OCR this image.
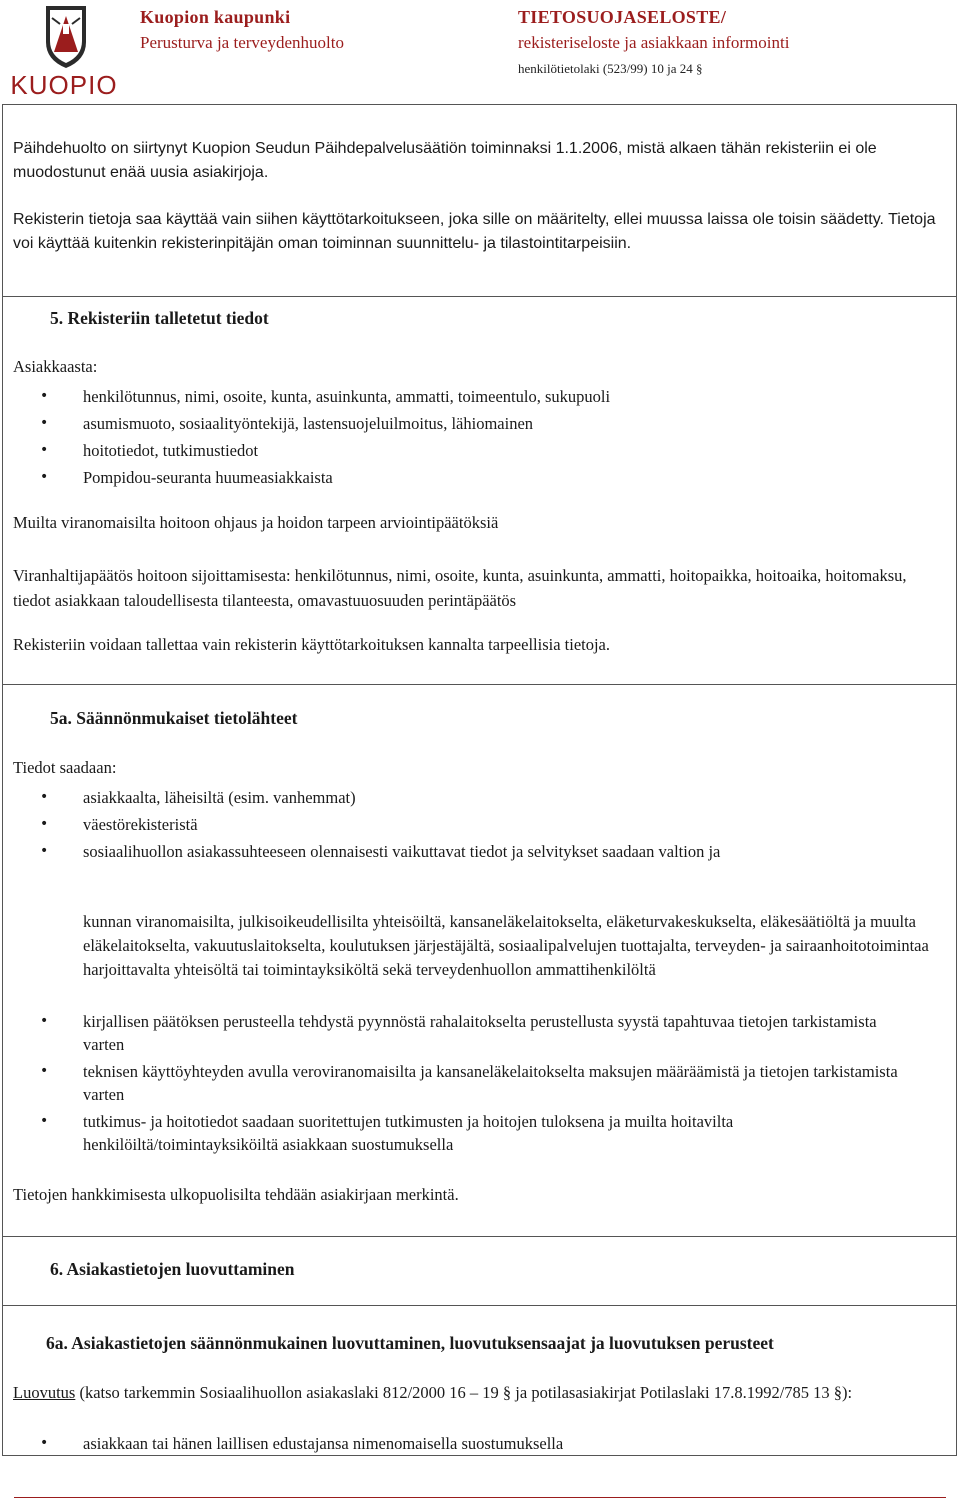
KUOPIO
Kuopion kaupunki
Perusturva ja terveydenhuolto
TIETOSUOJASELOSTE/
rekisteriseloste ja asiakkaan informointi
henkilötietolaki (523/99) 10 ja 24 §
Päihdehuolto on siirtynyt Kuopion Seudun Päihdepalvelusäätiön toiminnaksi 1.1.2006, mistä alkaen tähän rekisteriin ei ole muodostunut enää uusia asiakirjoja.
Rekisterin tietoja saa käyttää vain siihen käyttötarkoitukseen, joka sille on määritelty, ellei muussa laissa ole toisin säädetty. Tietoja voi käyttää kuitenkin rekisterinpitäjän oman toiminnan suunnittelu- ja tilastointitarpeisiin.
5. Rekisteriin talletetut tiedot
Asiakkaasta:
• henkilötunnus, nimi, osoite, kunta, asuinkunta, ammatti, toimeentulo, sukupuoli
• asumismuoto, sosiaalityöntekijä, lastensuojeluilmoitus, lähiomainen
• hoitotiedot, tutkimustiedot
• Pompidou-seuranta huumeasiakkaista
Muilta viranomaisilta hoitoon ohjaus ja hoidon tarpeen arviointipäätöksiä
Viranhaltijapäätös hoitoon sijoittamisesta: henkilötunnus, nimi, osoite, kunta, asuinkunta, ammatti, hoitopaikka, hoitoaika, hoitomaksu, tiedot asiakkaan taloudellisesta tilanteesta, omavastuuosuuden perintäpäätös
Rekisteriin voidaan tallettaa vain rekisterin käyttötarkoituksen kannalta tarpeellisia tietoja.
5a. Säännönmukaiset tietolähteet
Tiedot saadaan:
• asiakkaalta, läheisiltä (esim. vanhemmat)
• väestörekisteristä
• sosiaalihuollon asiakassuhteeseen olennaisesti vaikuttavat tiedot ja selvitykset saadaan valtion ja
kunnan viranomaisilta, julkisoikeudellisilta yhteisöiltä, kansaneläkelaitokselta, eläketurvakeskukselta, eläkesäätiöltä ja muulta eläkelaitokselta, vakuutuslaitokselta, koulutuksen järjestäjältä, sosiaalipalvelujen tuottajalta, terveyden- ja sairaanhoitotoimintaa harjoittavalta yhteisöltä tai toimintayksiköltä sekä terveydenhuollon ammattihenkilöltä
• kirjallisen päätöksen perusteella tehdystä pyynnöstä rahalaitokselta perustellusta syystä tapahtuvaa tietojen tarkistamista varten
• teknisen käyttöyhteyden avulla veroviranomaisilta ja kansaneläkelaitokselta maksujen määräämistä ja tietojen tarkistamista varten
• tutkimus- ja hoitotiedot saadaan suoritettujen tutkimusten ja hoitojen tuloksena ja muilta hoitavilta henkilöiltä/toimintayksiköiltä asiakkaan suostumuksella
Tietojen hankkimisesta ulkopuolisilta tehdään asiakirjaan merkintä.
6. Asiakastietojen luovuttaminen
6a. Asiakastietojen säännönmukainen luovuttaminen, luovutuksensaajat ja luovutuksen perusteet
Luovutus (katso tarkemmin Sosiaalihuollon asiakaslaki 812/2000 16 – 19 § ja potilasasiakirjat Potilaslaki 17.8.1992/785 13 §):
• asiakkaan tai hänen laillisen edustajansa nimenomaisella suostumuksella
